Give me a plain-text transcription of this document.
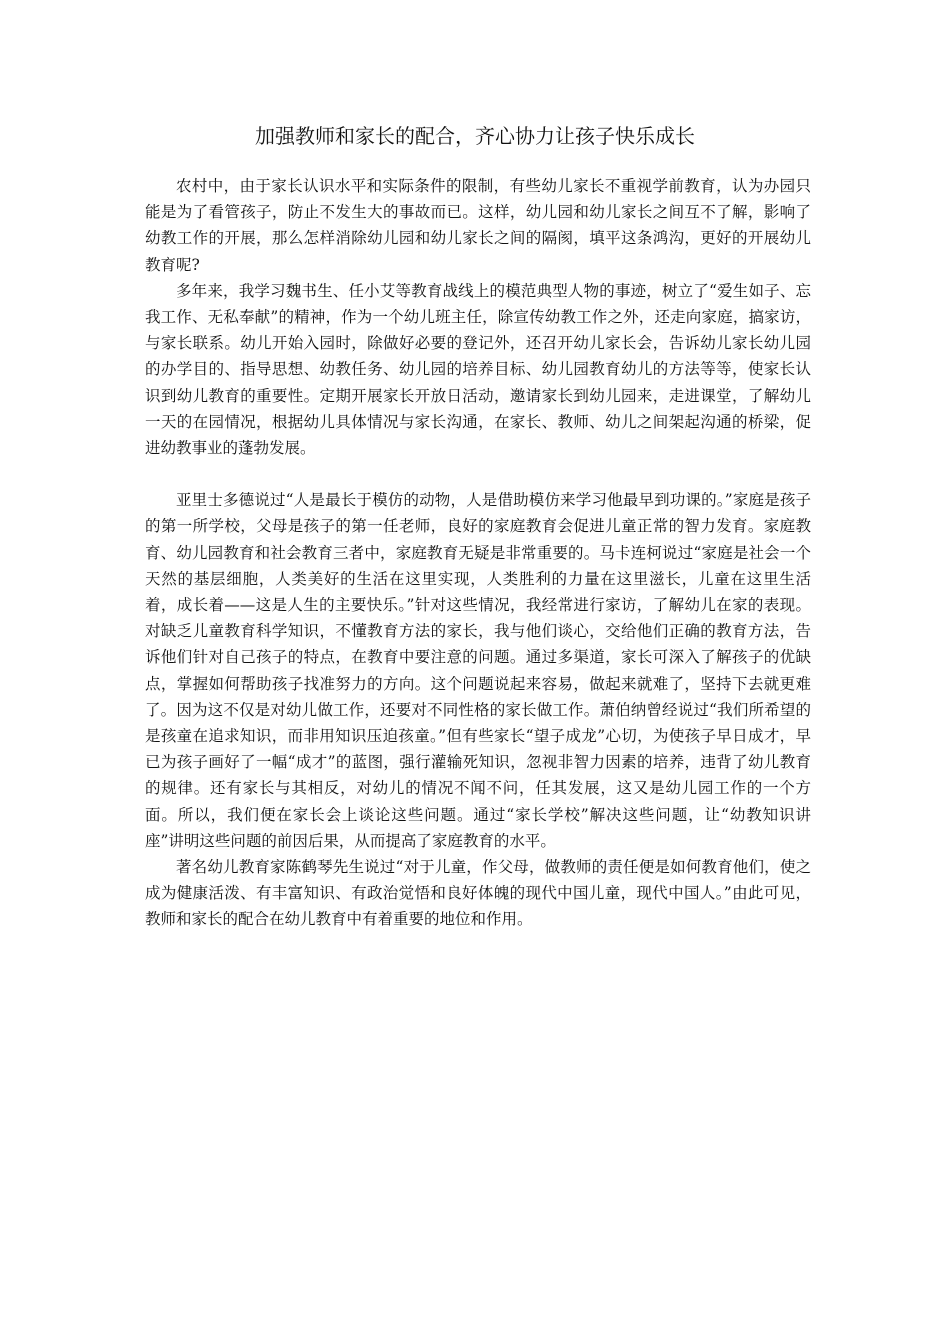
加强教师和家长的配合，齐心协力让孩子快乐成长

农村中，由于家长认识水平和实际条件的限制，有些幼儿家长不重视学前教育，认为办园只能是为了看管孩子，防止不发生大的事故而已。这样，幼儿园和幼儿家长之间互不了解，影响了幼教工作的开展，那么怎样消除幼儿园和幼儿家长之间的隔阂，填平这条鸿沟，更好的开展幼儿教育呢?

多年来，我学习魏书生、任小艾等教育战线上的模范典型人物的事迹，树立了“爱生如子、忘我工作、无私奉献”的精神，作为一个幼儿班主任，除宣传幼教工作之外，还走向家庭，搞家访，与家长联系。幼儿开始入园时，除做好必要的登记外，还召开幼儿家长会，告诉幼儿家长幼儿园的办学目的、指导思想、幼教任务、幼儿园的培养目标、幼儿园教育幼儿的方法等等，使家长认识到幼儿教育的重要性。定期开展家长开放日活动，邀请家长到幼儿园来，走进课堂，了解幼儿一天的在园情况，根据幼儿具体情况与家长沟通，在家长、教师、幼儿之间架起沟通的桥梁，促进幼教事业的蓬勃发展。

亚里士多德说过“人是最长于模仿的动物，人是借助模仿来学习他最早到功课的。”家庭是孩子的第一所学校，父母是孩子的第一任老师，良好的家庭教育会促进儿童正常的智力发育。家庭教育、幼儿园教育和社会教育三者中，家庭教育无疑是非常重要的。马卡连柯说过“家庭是社会一个天然的基层细胞，人类美好的生活在这里实现，人类胜利的力量在这里滋长，儿童在这里生活着，成长着——这是人生的主要快乐。”针对这些情况，我经常进行家访，了解幼儿在家的表现。对缺乏儿童教育科学知识，不懂教育方法的家长，我与他们谈心，交给他们正确的教育方法，告诉他们针对自己孩子的特点，在教育中要注意的问题。通过多渠道，家长可深入了解孩子的优缺点，掌握如何帮助孩子找准努力的方向。这个问题说起来容易，做起来就难了，坚持下去就更难了。因为这不仅是对幼儿做工作，还要对不同性格的家长做工作。萧伯纳曾经说过“我们所希望的是孩童在追求知识，而非用知识压迫孩童。”但有些家长“望子成龙”心切，为使孩子早日成才，早已为孩子画好了一幅“成才”的蓝图，强行灌输死知识，忽视非智力因素的培养，违背了幼儿教育的规律。还有家长与其相反，对幼儿的情况不闻不问，任其发展，这又是幼儿园工作的一个方面。所以，我们便在家长会上谈论这些问题。通过“家长学校”解决这些问题，让“幼教知识讲座”讲明这些问题的前因后果，从而提高了家庭教育的水平。

著名幼儿教育家陈鹤琴先生说过“对于儿童，作父母，做教师的责任便是如何教育他们，使之成为健康活泼、有丰富知识、有政治觉悟和良好体魄的现代中国儿童，现代中国人。”由此可见，教师和家长的配合在幼儿教育中有着重要的地位和作用。
